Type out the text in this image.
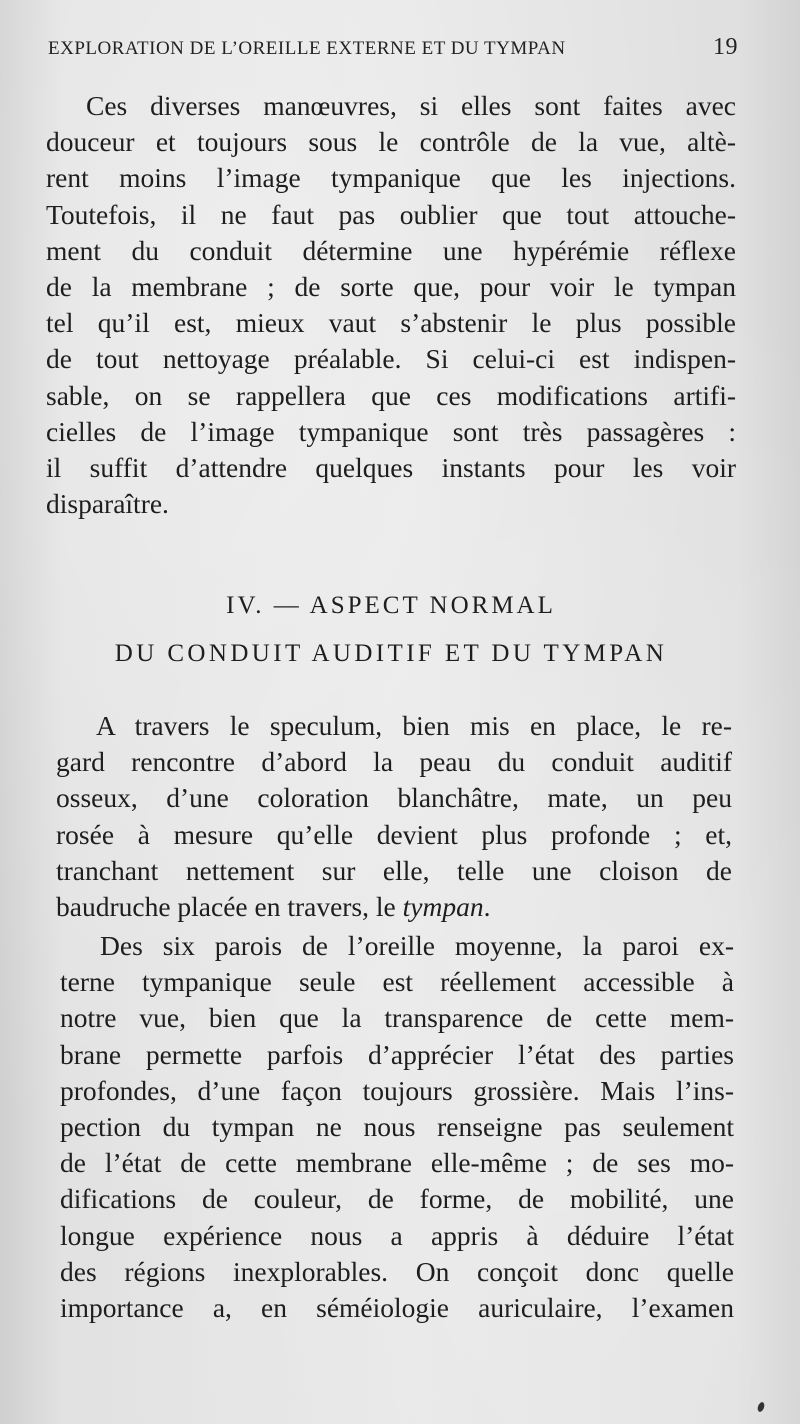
EXPLORATION DE L’OREILLE EXTERNE ET DU TYMPAN	19
Ces diverses manœuvres, si elles sont faites avec
douceur et toujours sous le contrôle de la vue, altè-
rent moins l’image tympanique que les injections.
Toutefois, il ne faut pas oublier que tout attouche-
ment du conduit détermine une hypérémie réflexe
de la membrane ; de sorte que, pour voir le tympan
tel qu’il est, mieux vaut s’abstenir le plus possible
de tout nettoyage préalable. Si celui-ci est indispen-
sable, on se rappellera que ces modifications artifi-
cielles de l’image tympanique sont très passagères :
il suffit d’attendre quelques instants pour les voir
disparaître.
IV. — ASPECT NORMAL
DU CONDUIT AUDITIF ET DU TYMPAN
A travers le speculum, bien mis en place, le re-
gard rencontre d’abord la peau du conduit auditif
osseux, d’une coloration blanchâtre, mate, un peu
rosée à mesure qu’elle devient plus profonde ; et,
tranchant nettement sur elle, telle une cloison de
baudruche placée en travers, le tympan.
Des six parois de l’oreille moyenne, la paroi ex-
terne tympanique seule est réellement accessible à
notre vue, bien que la transparence de cette mem-
brane permette parfois d’apprécier l’état des parties
profondes, d’une façon toujours grossière. Mais l’ins-
pection du tympan ne nous renseigne pas seulement
de l’état de cette membrane elle-même ; de ses mo-
difications de couleur, de forme, de mobilité, une
longue expérience nous a appris à déduire l’état
des régions inexplorables. On conçoit donc quelle
importance a, en séméiologie auriculaire, l’examen
